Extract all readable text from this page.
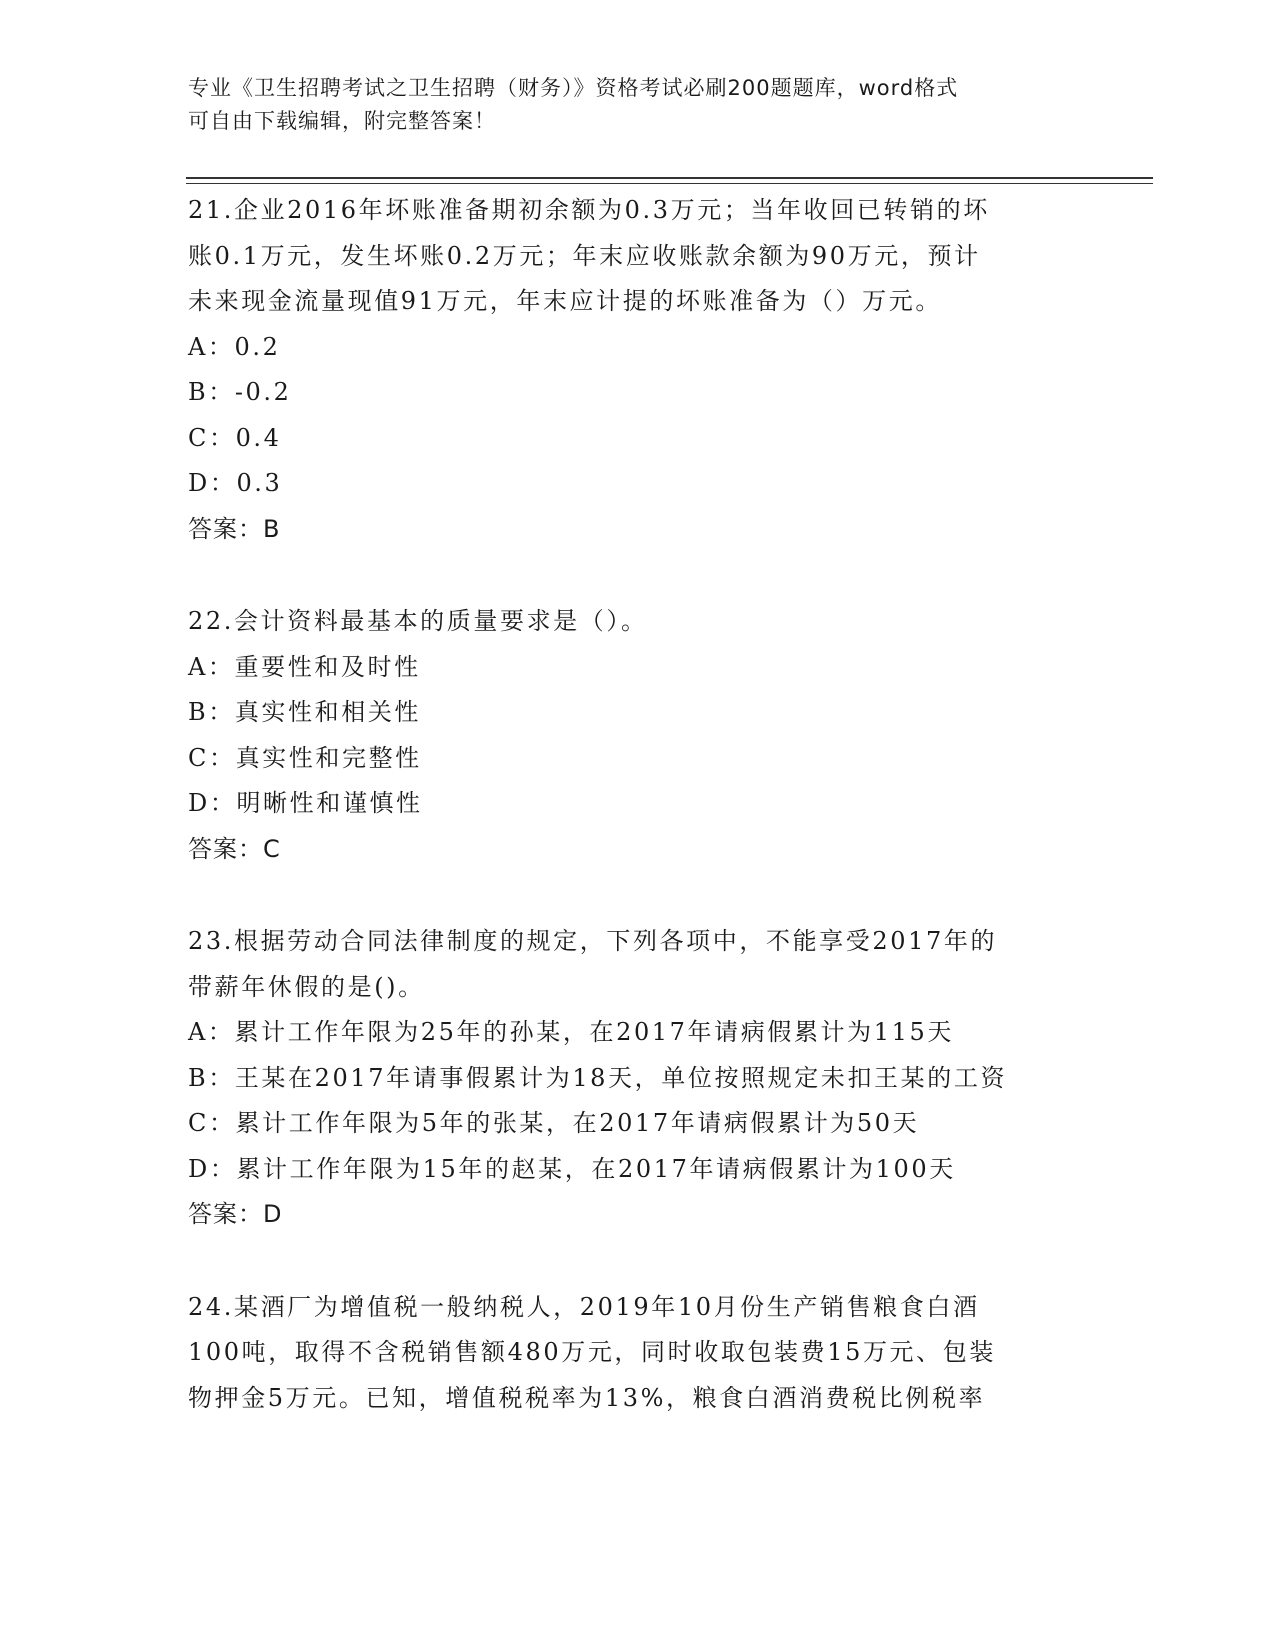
专业《卫生招聘考试之卫生招聘（财务）》资格考试必刷200题题库，word格式
可自由下载编辑，附完整答案！
21.企业2016年坏账准备期初余额为0.3万元；当年收回已转销的坏
账0.1万元，发生坏账0.2万元；年末应收账款余额为90万元，预计
未来现金流量现值91万元，年末应计提的坏账准备为（）万元。
A：0.2
B：-0.2
C：0.4
D：0.3
答案：B
22.会计资料最基本的质量要求是（）。
A：重要性和及时性
B：真实性和相关性
C：真实性和完整性
D：明晰性和谨慎性
答案：C
23.根据劳动合同法律制度的规定，下列各项中，不能享受2017年的
带薪年休假的是()。
A：累计工作年限为25年的孙某，在2017年请病假累计为115天
B：王某在2017年请事假累计为18天，单位按照规定未扣王某的工资
C：累计工作年限为5年的张某，在2017年请病假累计为50天
D：累计工作年限为15年的赵某，在2017年请病假累计为100天
答案：D
24.某酒厂为增值税一般纳税人，2019年10月份生产销售粮食白酒
100吨，取得不含税销售额480万元，同时收取包装费15万元、包装
物押金5万元。已知，增值税税率为13%，粮食白酒消费税比例税率
